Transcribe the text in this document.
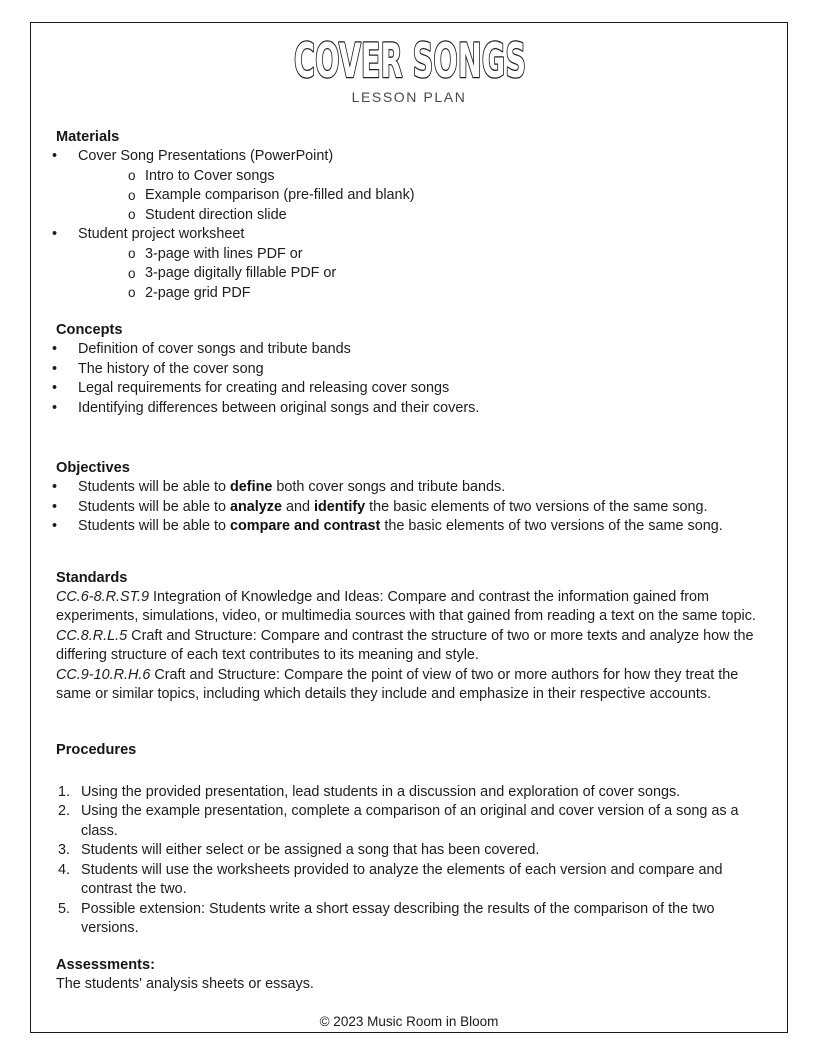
COVER SONGS
LESSON PLAN
Materials
• Cover Song Presentations (PowerPoint)
o Intro to Cover songs
o Example comparison (pre-filled and blank)
o Student direction slide
• Student project worksheet
o 3-page with lines PDF or
o 3-page digitally fillable PDF or
o 2-page grid PDF
Concepts
• Definition of cover songs and tribute bands
• The history of the cover song
• Legal requirements for creating and releasing cover songs
• Identifying differences between original songs and their covers.
Objectives
• Students will be able to define both cover songs and tribute bands.
• Students will be able to analyze and identify the basic elements of two versions of the same song.
• Students will be able to compare and contrast the basic elements of two versions of the same song.
Standards

CC.6-8.R.ST.9 Integration of Knowledge and Ideas: Compare and contrast the information gained from experiments, simulations, video, or multimedia sources with that gained from reading a text on the same topic.

CC.8.R.L.5 Craft and Structure: Compare and contrast the structure of two or more texts and analyze how the differing structure of each text contributes to its meaning and style.

CC.9-10.R.H.6 Craft and Structure: Compare the point of view of two or more authors for how they treat the same or similar topics, including which details they include and emphasize in their respective accounts.

Procedures
Using the provided presentation, lead students in a discussion and exploration of cover songs.
Using the example presentation, complete a comparison of an original and cover version of a song as a class.
Students will either select or be assigned a song that has been covered.
Students will use the worksheets provided to analyze the elements of each version and compare and contrast the two.
Possible extension: Students write a short essay describing the results of the comparison of the two versions.
Assessments:

The students' analysis sheets or essays.

© 2023 Music Room in Bloom
